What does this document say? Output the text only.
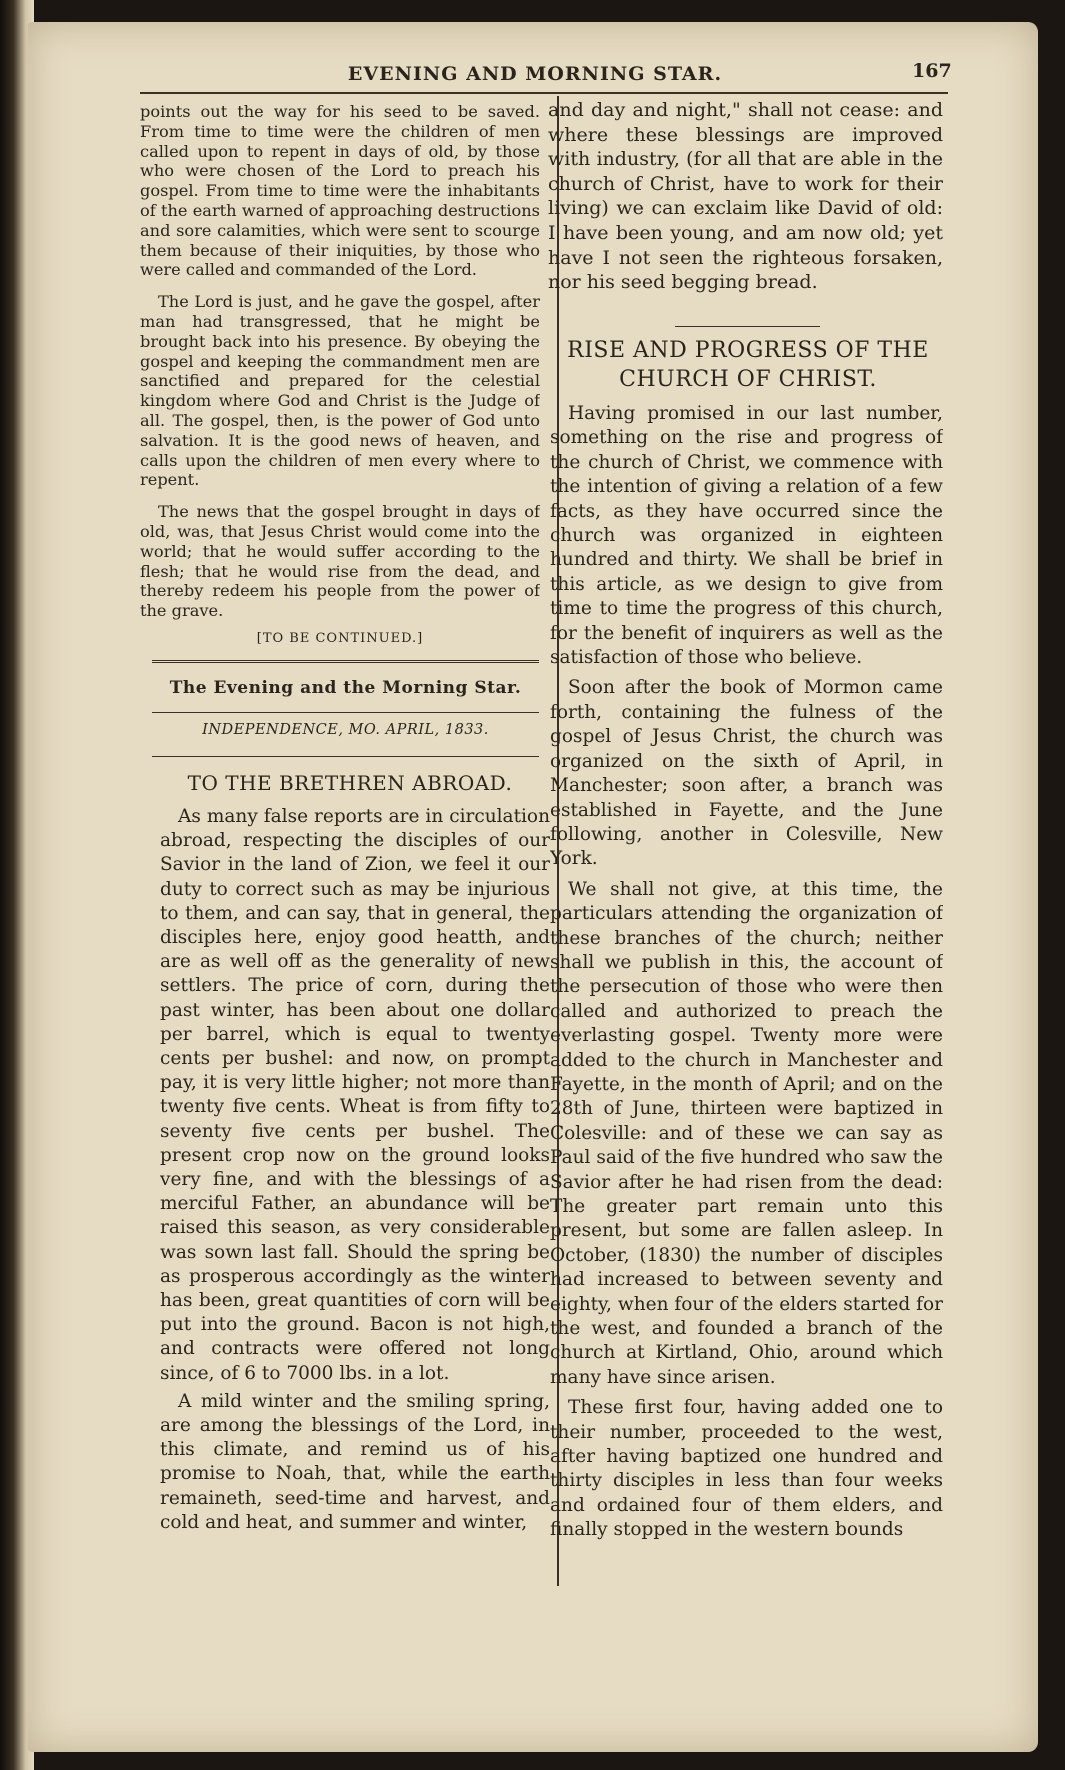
EVENING AND MORNING STAR.	167

points out the way for his seed to be saved. From time to time were the children of men called upon to repent in days of old, by those who were chosen of the Lord to preach his gospel. From time to time were the inhabitants of the earth warned of approaching destructions and sore calamities, which were sent to scourge them because of their iniquities, by those who were called and commanded of the Lord.

The Lord is just, and he gave the gospel, after man had transgressed, that he might be brought back into his presence. By obeying the gospel and keeping the commandment men are sanctified and prepared for the celestial kingdom where God and Christ is the Judge of all. The gospel, then, is the power of God unto salvation. It is the good news of heaven, and calls upon the children of men every where to repent.

The news that the gospel brought in days of old, was, that Jesus Christ would come into the world; that he would suffer according to the flesh; that he would rise from the dead, and thereby redeem his people from the power of the grave.

[TO BE CONTINUED.]

The Evening and the Morning Star.
INDEPENDENCE, MO. APRIL, 1833.
TO THE BRETHREN ABROAD.

As many false reports are in circulation abroad, respecting the disciples of our Savior in the land of Zion, we feel it our duty to correct such as may be injurious to them, and can say, that in general, the disciples here, enjoy good heatth, and are as well off as the generality of new settlers. The price of corn, during the past winter, has been about one dollar per barrel, which is equal to twenty cents per bushel: and now, on prompt pay, it is very little higher; not more than twenty five cents. Wheat is from fifty to seventy five cents per bushel. The present crop now on the ground looks very fine, and with the blessings of a merciful Father, an abundance will be raised this season, as very considerable was sown last fall. Should the spring be as prosperous accordingly as the winter has been, great quantities of corn will be put into the ground. Bacon is not high, and contracts were offered not long since, of 6 to 7000 lbs. in a lot.

A mild winter and the smiling spring, are among the blessings of the Lord, in this climate, and remind us of his promise to Noah, that, while the earth remaineth, seed-time and harvest, and cold and heat, and summer and winter,

and day and night," shall not cease: and where these blessings are improved with industry, (for all that are able in the church of Christ, have to work for their living) we can exclaim like David of old: I have been young, and am now old; yet have I not seen the righteous forsaken, nor his seed begging bread.

RISE AND PROGRESS OF THE CHURCH OF CHRIST.

Having promised in our last number, something on the rise and progress of the church of Christ, we commence with the intention of giving a relation of a few facts, as they have occurred since the church was organized in eighteen hundred and thirty. We shall be brief in this article, as we design to give from time to time the progress of this church, for the benefit of inquirers as well as the satisfaction of those who believe.

Soon after the book of Mormon came forth, containing the fulness of the gospel of Jesus Christ, the church was organized on the sixth of April, in Manchester; soon after, a branch was established in Fayette, and the June following, another in Colesville, New York.

We shall not give, at this time, the particulars attending the organization of these branches of the church; neither shall we publish in this, the account of the persecution of those who were then called and authorized to preach the everlasting gospel. Twenty more were added to the church in Manchester and Fayette, in the month of April; and on the 28th of June, thirteen were baptized in Colesville: and of these we can say as Paul said of the five hundred who saw the Savior after he had risen from the dead: The greater part remain unto this present, but some are fallen asleep. In October, (1830) the number of disciples had increased to between seventy and eighty, when four of the elders started for the west, and founded a branch of the church at Kirtland, Ohio, around which many have since arisen.

These first four, having added one to their number, proceeded to the west, after having baptized one hundred and thirty disciples in less than four weeks and ordained four of them elders, and finally stopped in the western bounds
